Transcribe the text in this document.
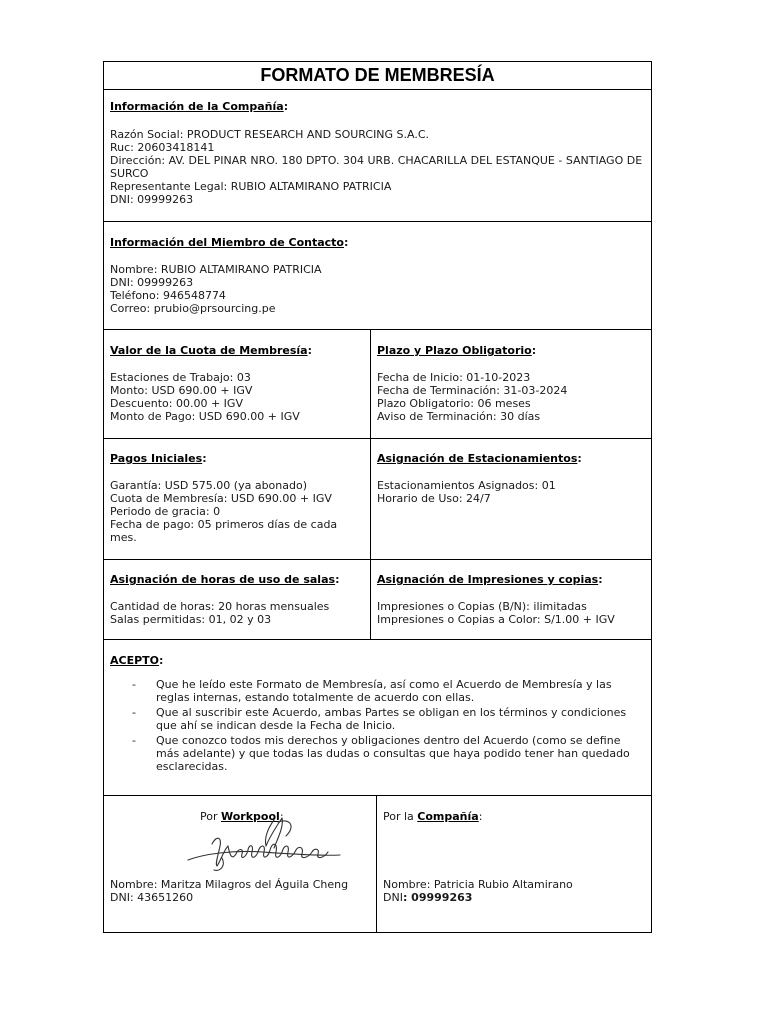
FORMATO DE MEMBRESÍA
Información de la Compañía:
Razón Social: PRODUCT RESEARCH AND SOURCING S.A.C.
Ruc: 20603418141
Dirección: AV. DEL PINAR NRO. 180 DPTO. 304 URB. CHACARILLA DEL ESTANQUE - SANTIAGO DE SURCO
Representante Legal: RUBIO ALTAMIRANO PATRICIA
DNI: 09999263
Información del Miembro de Contacto:
Nombre: RUBIO ALTAMIRANO PATRICIA
DNI: 09999263
Teléfono: 946548774
Correo: prubio@prsourcing.pe
Valor de la Cuota de Membresía:
Estaciones de Trabajo: 03
Monto: USD 690.00 + IGV
Descuento: 00.00 + IGV
Monto de Pago: USD 690.00 + IGV
Plazo y Plazo Obligatorio:
Fecha de Inicio: 01-10-2023
Fecha de Terminación: 31-03-2024
Plazo Obligatorio: 06 meses
Aviso de Terminación: 30 días
Pagos Iniciales:
Garantía: USD 575.00 (ya abonado)
Cuota de Membresía: USD 690.00 + IGV
Periodo de gracia: 0
Fecha de pago: 05 primeros días de cada mes.
Asignación de Estacionamientos:
Estacionamientos Asignados: 01
Horario de Uso: 24/7
Asignación de horas de uso de salas:
Cantidad de horas: 20 horas mensuales
Salas permitidas: 01, 02 y 03
Asignación de Impresiones y copias:
Impresiones o Copias (B/N): ilimitadas
Impresiones o Copias a Color: S/1.00 + IGV
ACEPTO:
- Que he leído este Formato de Membresía, así como el Acuerdo de Membresía y las reglas internas, estando totalmente de acuerdo con ellas.
- Que al suscribir este Acuerdo, ambas Partes se obligan en los términos y condiciones que ahí se indican desde la Fecha de Inicio.
- Que conozco todos mis derechos y obligaciones dentro del Acuerdo (como se define más adelante) y que todas las dudas o consultas que haya podido tener han quedado esclarecidas.
Por Workpool:
Nombre: Maritza Milagros del Águila Cheng
DNI: 43651260
Por la Compañía:
Nombre: Patricia Rubio Altamirano
DNI: 09999263
